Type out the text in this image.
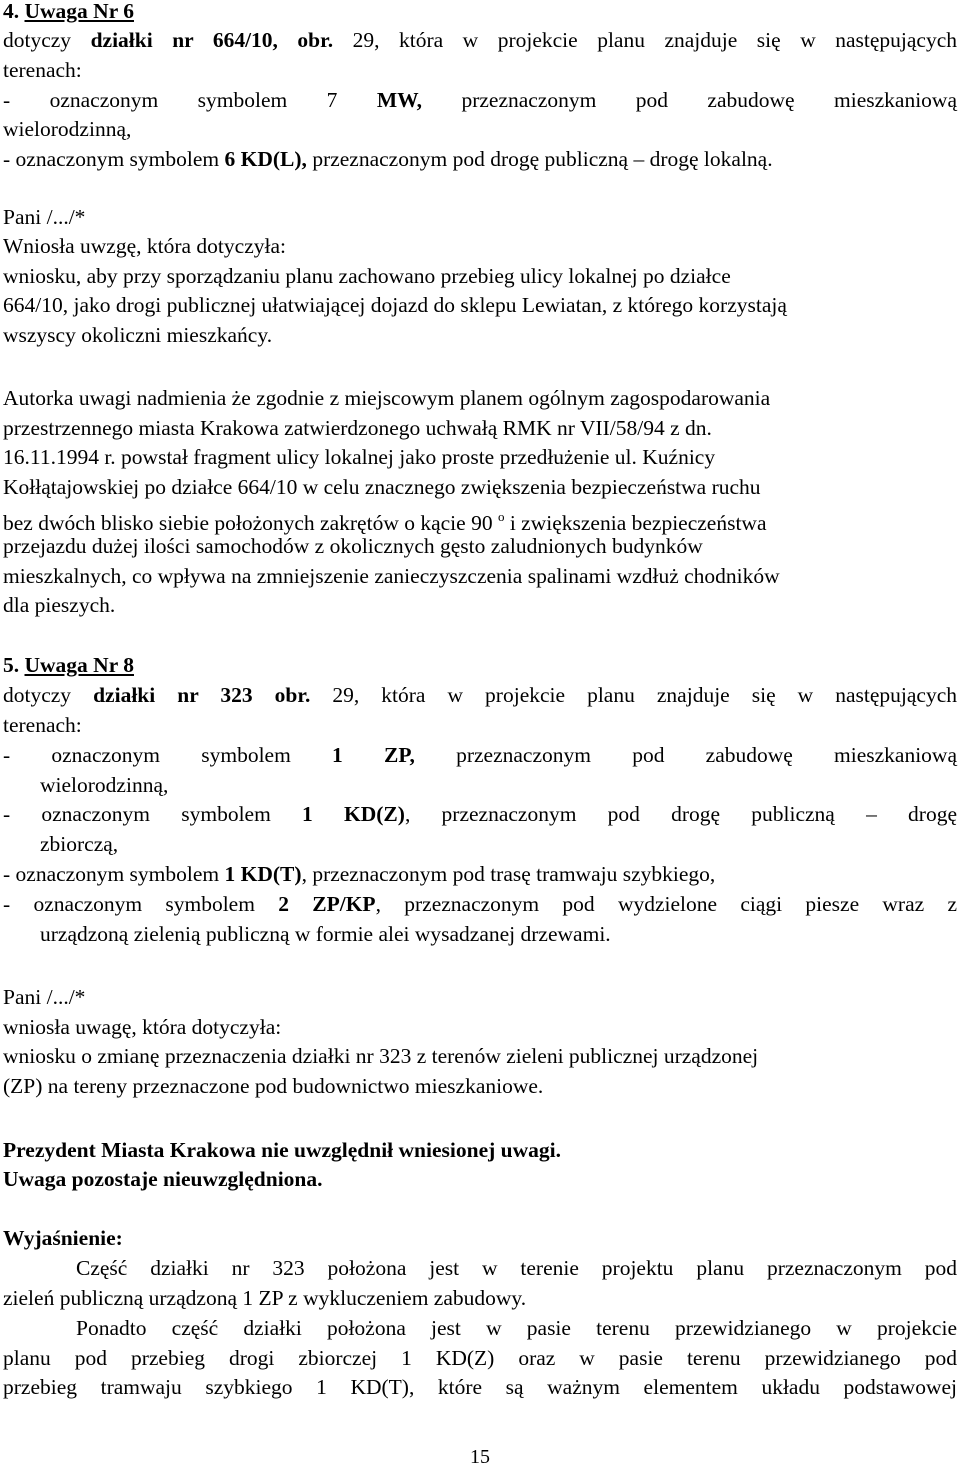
4. Uwaga Nr 6
dotyczy działki nr 664/10, obr. 29, która w projekcie planu znajduje się w następujących
terenach:
- oznaczonym symbolem 7 MW, przeznaczonym pod zabudowę mieszkaniową
wielorodzinną,
- oznaczonym symbolem 6 KD(L), przeznaczonym pod drogę publiczną – drogę lokalną.
Pani /.../*
Wniosła uwzgę, która dotyczyła:
wniosku, aby przy sporządzaniu planu zachowano przebieg ulicy lokalnej po działce
664/10, jako drogi publicznej ułatwiającej dojazd do sklepu Lewiatan, z którego korzystają
wszyscy okoliczni mieszkańcy.
Autorka uwagi nadmienia że zgodnie z miejscowym planem ogólnym zagospodarowania
przestrzennego miasta Krakowa zatwierdzonego uchwałą RMK nr VII/58/94 z dn.
16.11.1994 r. powstał fragment ulicy lokalnej jako proste przedłużenie ul. Kuźnicy
Kołłątajowskiej po działce 664/10 w celu znacznego zwiększenia bezpieczeństwa ruchu
bez dwóch blisko siebie położonych zakrętów o kącie 90 $^o$ i zwiększenia bezpieczeństwa
przejazdu dużej ilości samochodów z okolicznych gęsto zaludnionych budynków
mieszkalnych, co wpływa na zmniejszenie zanieczyszczenia spalinami wzdłuż chodników
dla pieszych.
5. Uwaga Nr 8
dotyczy działki nr 323 obr. 29, która w projekcie planu znajduje się w następujących
terenach:
- oznaczonym symbolem 1 ZP, przeznaczonym pod zabudowę mieszkaniową
wielorodzinną,
- oznaczonym symbolem 1 KD(Z), przeznaczonym pod drogę publiczną – drogę
zbiorczą,
- oznaczonym symbolem 1 KD(T), przeznaczonym pod trasę tramwaju szybkiego,
- oznaczonym symbolem 2 ZP/KP, przeznaczonym pod wydzielone ciągi piesze wraz z
urządzoną zielenią publiczną w formie alei wysadzanej drzewami.
Pani /.../*
wniosła uwagę, która dotyczyła:
wniosku o zmianę przeznaczenia działki nr 323 z terenów zieleni publicznej urządzonej
(ZP) na tereny przeznaczone pod budownictwo mieszkaniowe.
Prezydent Miasta Krakowa nie uwzględnił wniesionej uwagi.
Uwaga pozostaje nieuwzględniona.
Wyjaśnienie:
Część działki nr 323 położona jest w terenie projektu planu przeznaczonym pod
zieleń publiczną urządzoną 1 ZP z wykluczeniem zabudowy.
Ponadto część działki położona jest w pasie terenu przewidzianego w projekcie
planu pod przebieg drogi zbiorczej 1 KD(Z) oraz w pasie terenu przewidzianego pod
przebieg tramwaju szybkiego 1 KD(T), które są ważnym elementem układu podstawowej
15
